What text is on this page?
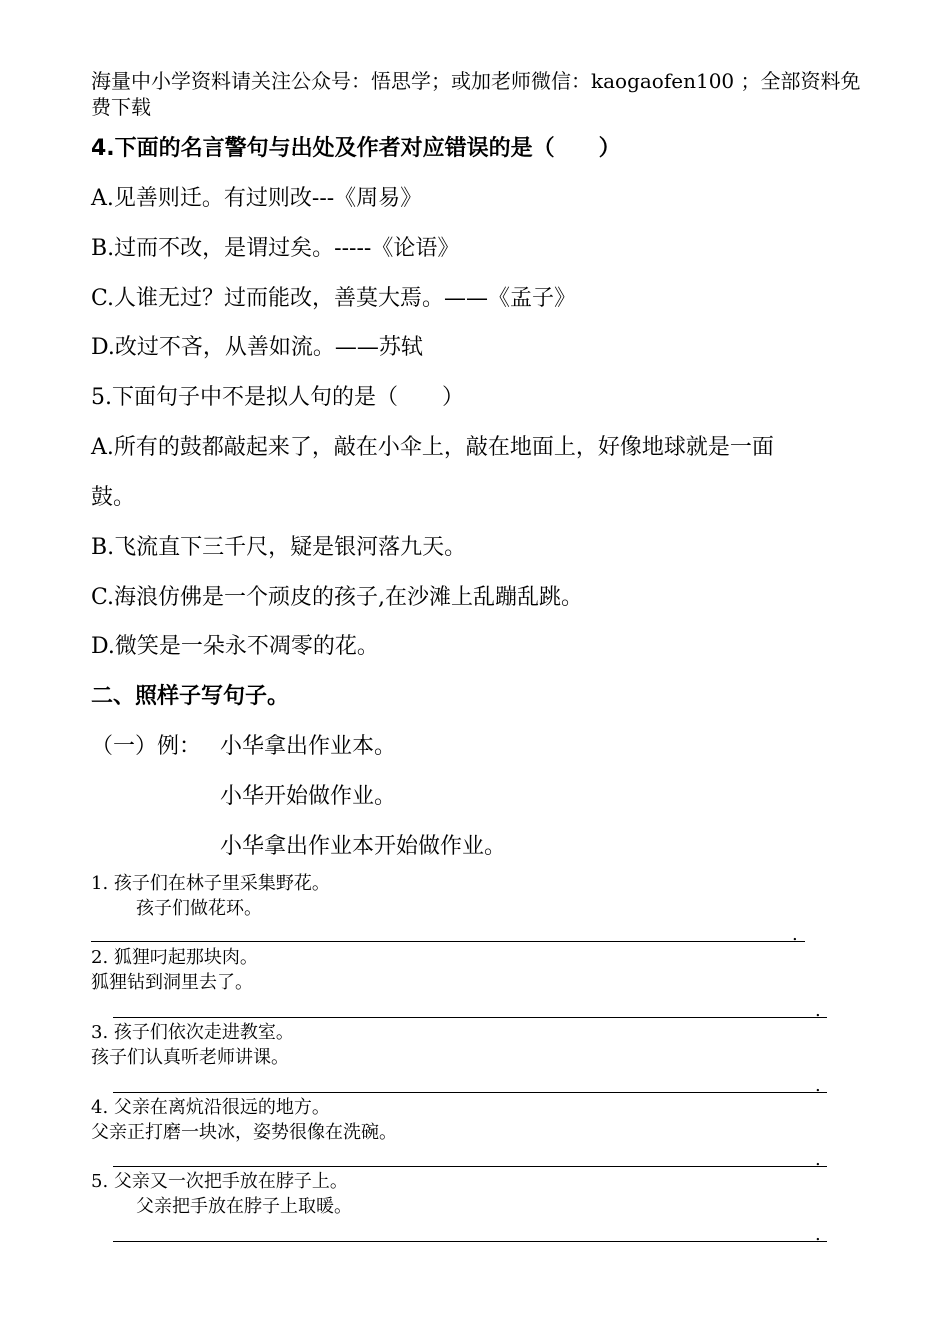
海量中小学资料请关注公众号：悟思学；或加老师微信：kaogaofen100 ；全部资料免费下载
4.下面的名言警句与出处及作者对应错误的是（　　）
A.见善则迁。有过则改---《周易》
B.过而不改，是谓过矣。-----《论语》
C.人谁无过？过而能改，善莫大焉。——《孟子》
D.改过不吝，从善如流。——苏轼
5.下面句子中不是拟人句的是（　　）
A.所有的鼓都敲起来了，敲在小伞上，敲在地面上，好像地球就是一面
鼓。
B.飞流直下三千尺，疑是银河落九天。
C.海浪仿佛是一个顽皮的孩子,在沙滩上乱蹦乱跳。
D.微笑是一朵永不凋零的花。
二、照样子写句子。
（一）例： 小华拿出作业本。
小华开始做作业。
小华拿出作业本开始做作业。
1. 孩子们在林子里采集野花。
孩子们做花环。
.
2. 狐狸叼起那块肉。
狐狸钻到洞里去了。
.
3. 孩子们依次走进教室。
孩子们认真听老师讲课。
.
4. 父亲在离炕沿很远的地方。
父亲正打磨一块冰，姿势很像在洗碗。
.
5. 父亲又一次把手放在脖子上。
父亲把手放在脖子上取暖。
.
